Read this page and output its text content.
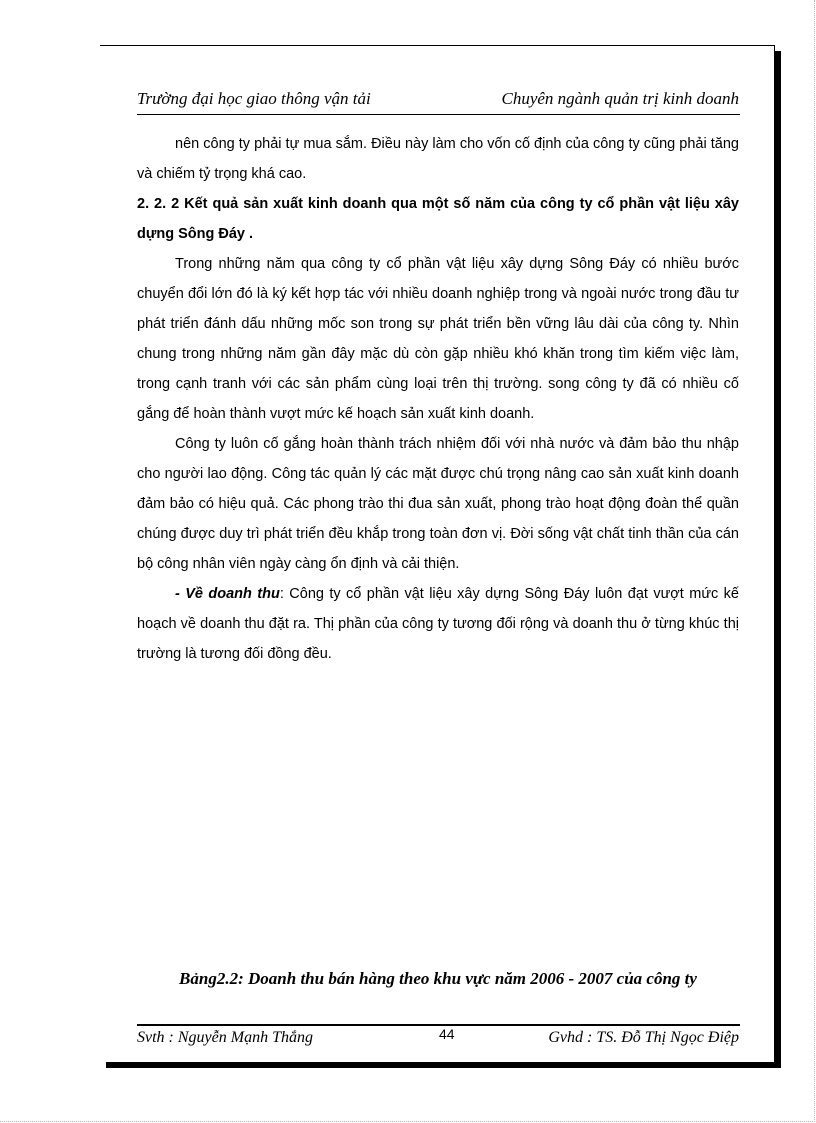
Trường đại học giao thông vận tải	Chuyên ngành quản trị kinh doanh

nên công ty phải tự mua sắm. Điều này làm cho vốn cố định của công ty cũng phải tăng và chiếm tỷ trọng khá cao.

2. 2. 2 Kết quả sản xuất kinh doanh qua một số năm của công ty cổ phần vật liệu xây dựng Sông Đáy .

Trong những năm qua công ty cổ phần vật liệu xây dựng Sông Đáy có nhiều bước chuyển đổi lớn đó là ký kết hợp tác với nhiều doanh nghiệp trong và ngoài nước trong đầu tư phát triển đánh dấu những mốc son trong sự phát triển bền vững lâu dài của công ty. Nhìn chung trong những năm gần đây mặc dù còn gặp nhiều khó khăn trong tìm kiếm việc làm, trong cạnh tranh với các sản phẩm cùng loại trên thị trường. song công ty đã có nhiều cố gắng để hoàn thành vượt mức kế hoạch sản xuất kinh doanh.

Công ty luôn cố gắng hoàn thành trách nhiệm đối với nhà nước và đảm bảo thu nhập cho người lao động. Công tác quản lý các mặt được chú trọng nâng cao sản xuất kinh doanh đảm bảo có hiệu quả. Các phong trào thi đua sản xuất, phong trào hoạt động đoàn thể quần chúng được duy trì phát triển đều khắp trong toàn đơn vị. Đời sống vật chất tinh thần của cán bộ công nhân viên ngày càng ổn định và cải thiện.

- Về doanh thu: Công ty cổ phần vật liệu xây dựng Sông Đáy luôn đạt vượt mức kế hoạch về doanh thu đặt ra. Thị phần của công ty tương đối rộng và doanh thu ở từng khúc thị trường là tương đối đồng đều.

Bảng2.2: Doanh thu bán hàng theo khu vực năm 2006 - 2007 của công ty
Svth : Nguyễn Mạnh Thắng	44	Gvhd : TS. Đỗ Thị Ngọc Điệp
